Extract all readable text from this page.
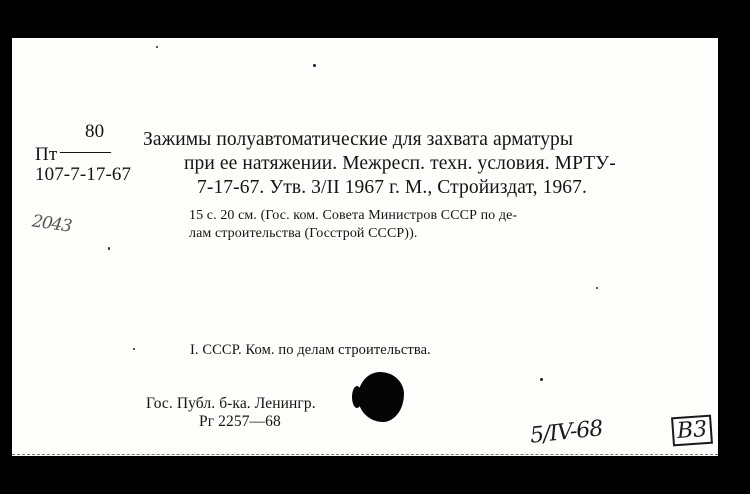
80
Пт ———
107-7-17-67
Зажимы полуавтоматические для захвата арматуры
при ее натяжении. Межресп. техн. условия. МРТУ-
7-17-67. Утв. 3/II 1967 г. М., Стройиздат, 1967.
15 с. 20 см. (Гос. ком. Совета Министров СССР по де-
лам строительства (Госстрой СССР)).
2043
I. СССР. Ком. по делам строительства.
Гос. Публ. б-ка. Ленингр.
Рг 2257—68	5/IV-68	B3
